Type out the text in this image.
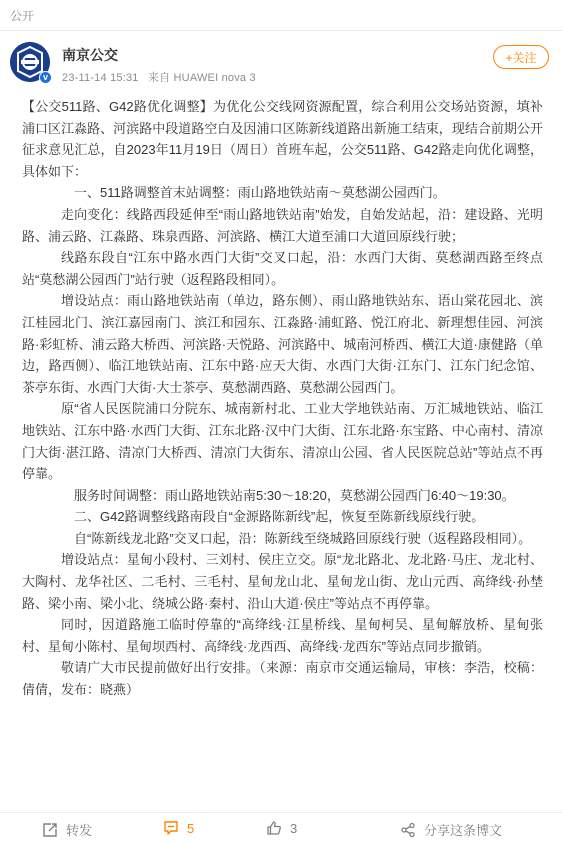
公开
v
南京公交
23-11-14 15:31 来自 HUAWEI nova 3
+关注

【公交511路、G42路优化调整】为优化公交线网资源配置，综合利用公交场站资源，填补浦口区江淼路、河滨路中段道路空白及因浦口区陈新线道路出新施工结束，现结合前期公开征求意见汇总，自2023年11月19日（周日）首班车起，公交511路、G42路走向优化调整，具体如下：

一、511路调整首末站调整：雨山路地铁站南～莫愁湖公园西门。

走向变化：线路西段延伸至“雨山路地铁站南”始发，自始发站起，沿：建设路、光明路、浦云路、江淼路、珠泉西路、河滨路、横江大道至浦口大道回原线行驶；

线路东段自“江东中路水西门大街”交叉口起，沿：水西门大街、莫愁湖西路至终点站“莫愁湖公园西门”站行驶（返程路段相同）。

增设站点：雨山路地铁站南（单边，路东侧）、雨山路地铁站东、语山棠花园北、滨江桂园北门、滨江嘉园南门、滨江和园东、江淼路·浦虹路、悦江府北、新理想佳园、河滨路·彩虹桥、浦云路大桥西、河滨路·天悦路、河滨路中、城南河桥西、横江大道·康健路（单边，路西侧）、临江地铁站南、江东中路·应天大街、水西门大街·江东门、江东门纪念馆、茶亭东街、水西门大街·大士茶亭、莫愁湖西路、莫愁湖公园西门。

原“省人民医院浦口分院东、城南新村北、工业大学地铁站南、万汇城地铁站、临江地铁站、江东中路·水西门大街、江东北路·汉中门大街、江东北路·东宝路、中心南村、清凉门大街·湛江路、清凉门大桥西、清凉门大街东、清凉山公园、省人民医院总站”等站点不再停靠。

服务时间调整：雨山路地铁站南5:30～18:20，莫愁湖公园西门6:40～19:30。

二、G42路调整线路南段自“金源路陈新线”起，恢复至陈新线原线行驶。

自“陈新线龙北路”交叉口起，沿：陈新线至绕城路回原线行驶（返程路段相同）。

增设站点：星甸小段村、三刘村、侯庄立交。原“龙北路北、龙北路·马庄、龙北村、大陶村、龙华社区、二毛村、三毛村、星甸龙山北、星甸龙山街、龙山元西、高绛线·孙埜路、梁小南、梁小北、绕城公路·秦村、沿山大道·侯庄”等站点不再停靠。

同时，因道路施工临时停靠的“高绛线·江星桥线、星甸柯吴、星甸解放桥、星甸张村、星甸小陈村、星甸坝西村、高绛线·龙西西、高绛线·龙西东”等站点同步撤销。

敬请广大市民提前做好出行安排。（来源：南京市交通运输局，审核：李浩，校稿：倩倩，发布：晓燕）

转发	5	3	分享这条博文
